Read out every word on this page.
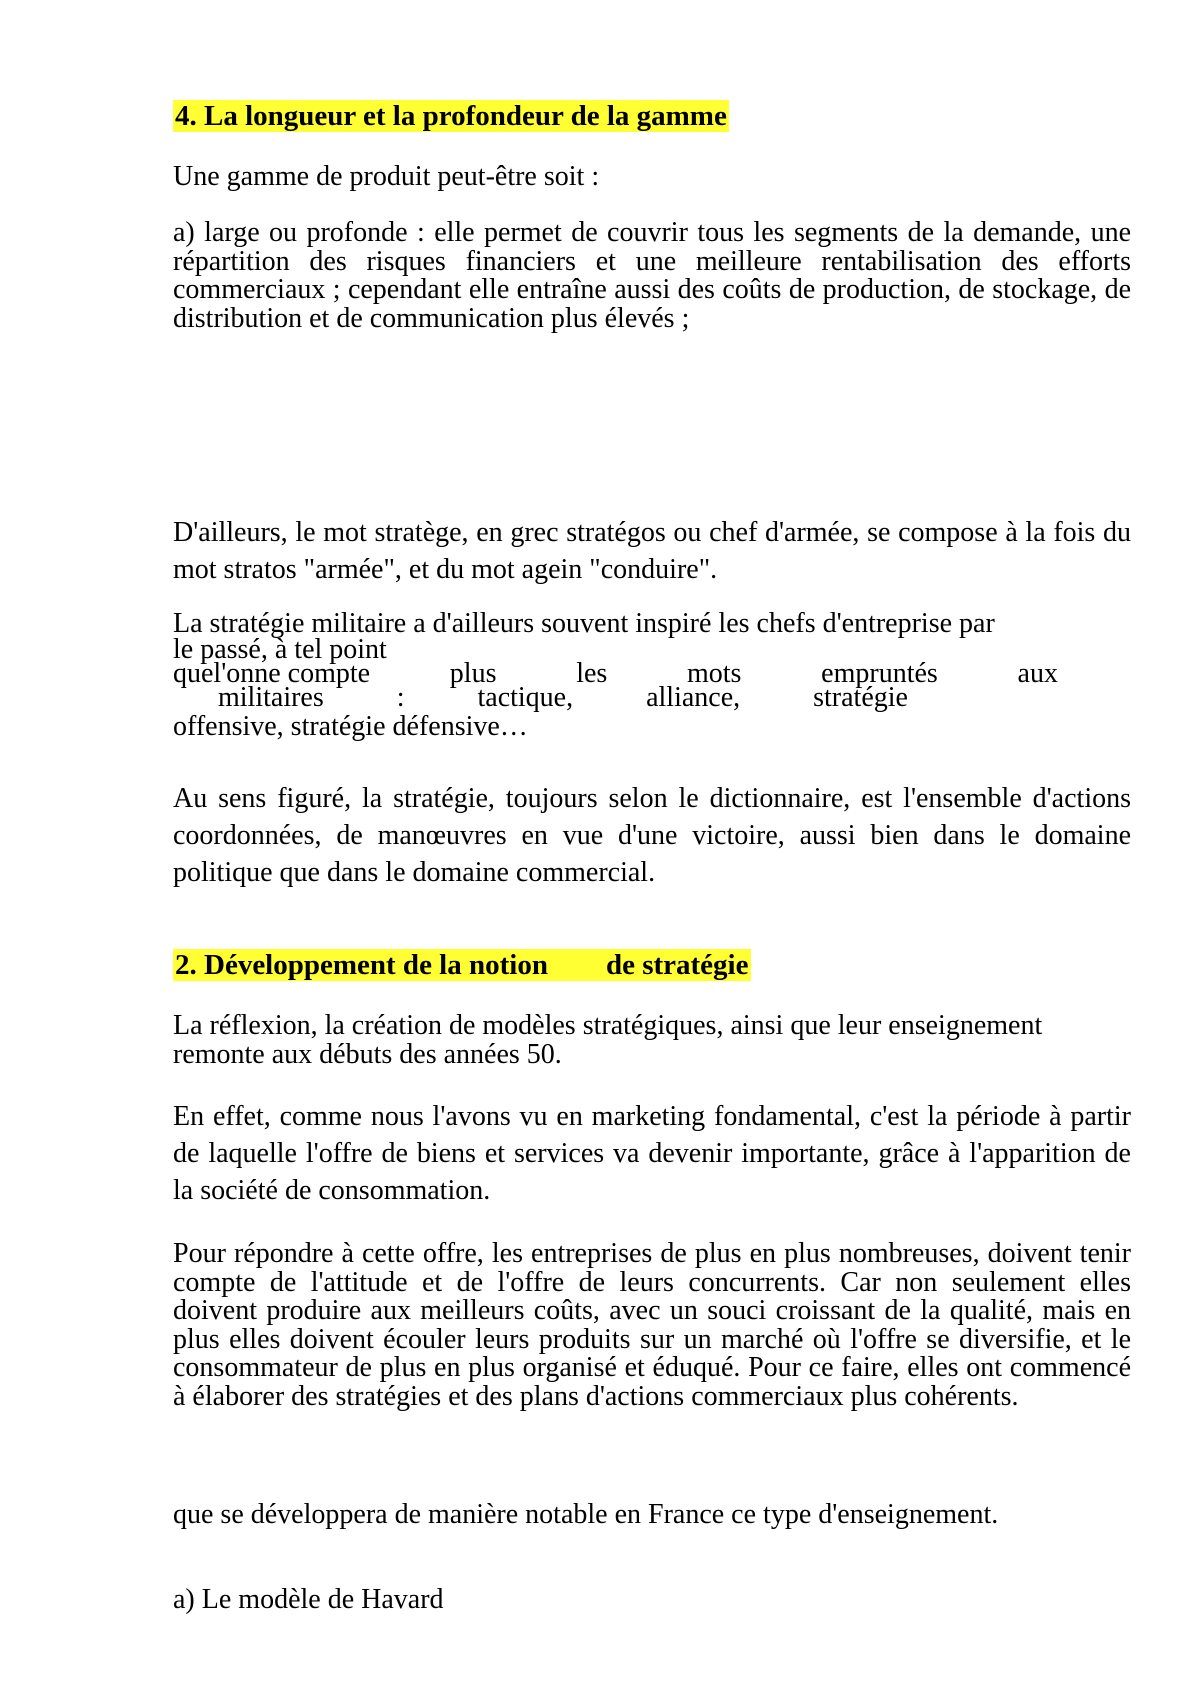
4. La longueur et la profondeur de la gamme

Une gamme de produit peut-être soit :

a) large ou profonde : elle permet de couvrir tous les segments de la demande, une répartition des risques financiers et une meilleure rentabilisation des efforts commerciaux ; cependant elle entraîne aussi des coûts de production, de stockage, de distribution et de communication plus élevés ;

D'ailleurs, le mot stratège, en grec stratégos ou chef d'armée, se compose à la fois du mot stratos "armée", et du mot agein "conduire".

La stratégie militaire a d'ailleurs souvent inspiré les chefs d'entreprise par
le passé, à tel point
quel'onne compte	plus	les	mots	empruntés	aux
militaires	:	tactique,	alliance,	stratégie
offensive, stratégie défensive…

Au sens figuré, la stratégie, toujours selon le dictionnaire, est l'ensemble d'actions coordonnées, de manœuvres en vue d'une victoire, aussi bien dans le domaine politique que dans le domaine commercial.

2. Développement de la notion        de stratégie

La réflexion, la création de modèles stratégiques, ainsi que leur enseignement remonte aux débuts des années 50.

En effet, comme nous l'avons vu en marketing fondamental, c'est la période à partir de laquelle l'offre de biens et services va devenir importante, grâce à l'apparition de la société de consommation.

Pour répondre à cette offre, les entreprises de plus en plus nombreuses, doivent tenir compte de l'attitude et de l'offre de leurs concurrents. Car non seulement elles doivent produire aux meilleurs coûts, avec un souci croissant de la qualité, mais en plus elles doivent écouler leurs produits sur un marché où l'offre se diversifie, et le consommateur de plus en plus organisé et éduqué. Pour ce faire, elles ont commencé à élaborer des stratégies et des plans d'actions commerciaux plus cohérents.

que se développera de manière notable en France ce type d'enseignement.

a) Le modèle de Havard
